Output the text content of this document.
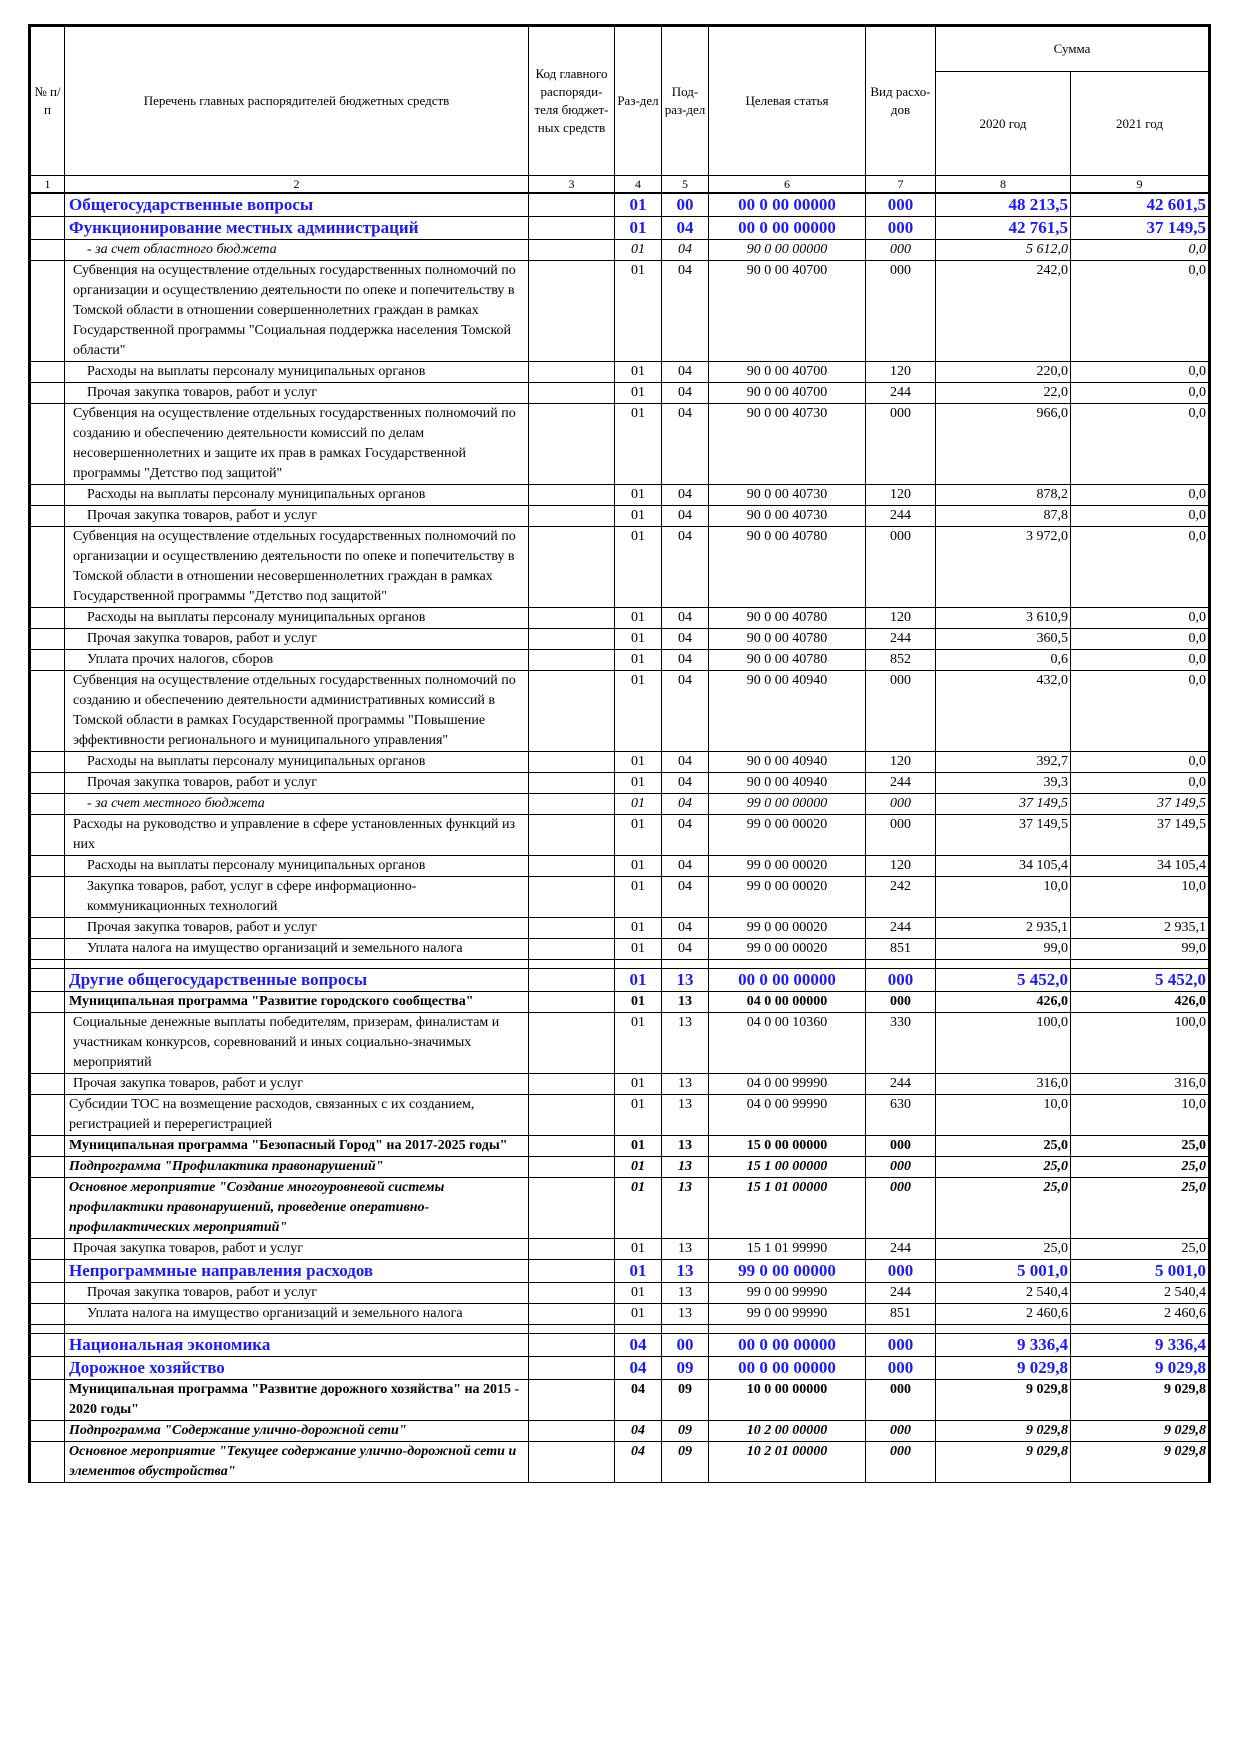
№ п/п	Перечень главных распорядителей бюджетных средств	Код главного распоряди-теля бюджет-ных средств	Раз-дел	Под-раз-дел	Целевая статья	Вид расхо-дов	Сумма	
							2020 год	2021 год
1	2	3	4	5	6	7	8	9
	Общегосударственные вопросы		01	00	00 0 00 00000	000	48 213,5	42 601,5
	Функционирование местных администраций		01	04	00 0 00 00000	000	42 761,5	37 149,5
	- за счет областного бюджета		01	04	90 0 00 00000	000	5 612,0	0,0
	Субвенция на осуществление отдельных государственных полномочий по организации и осуществлению деятельности по опеке и попечительству в Томской области в отношении совершеннолетних граждан в рамках Государственной программы "Социальная поддержка населения Томской области"		01	04	90 0 00 40700	000	242,0	0,0
	Расходы на выплаты персоналу муниципальных органов		01	04	90 0 00 40700	120	220,0	0,0
	Прочая закупка товаров, работ и услуг		01	04	90 0 00 40700	244	22,0	0,0
	Субвенция на осуществление отдельных государственных полномочий по созданию и обеспечению деятельности комиссий по делам несовершеннолетних и защите их прав в рамках Государственной программы "Детство под защитой"		01	04	90 0 00 40730	000	966,0	0,0
	Расходы на выплаты персоналу муниципальных органов		01	04	90 0 00 40730	120	878,2	0,0
	Прочая закупка товаров, работ и услуг		01	04	90 0 00 40730	244	87,8	0,0
	Субвенция на осуществление отдельных государственных полномочий по организации и осуществлению деятельности по опеке и попечительству в Томской области в отношении несовершеннолетних граждан в рамках Государственной программы "Детство под защитой"		01	04	90 0 00 40780	000	3 972,0	0,0
	Расходы на выплаты персоналу муниципальных органов		01	04	90 0 00 40780	120	3 610,9	0,0
	Прочая закупка товаров, работ и услуг		01	04	90 0 00 40780	244	360,5	0,0
	Уплата прочих налогов, сборов		01	04	90 0 00 40780	852	0,6	0,0
	Субвенция на осуществление отдельных государственных полномочий по созданию и обеспечению деятельности административных комиссий в Томской области в рамках Государственной программы "Повышение эффективности регионального и муниципального управления"		01	04	90 0 00 40940	000	432,0	0,0
	Расходы на выплаты персоналу муниципальных органов		01	04	90 0 00 40940	120	392,7	0,0
	Прочая закупка товаров, работ и услуг		01	04	90 0 00 40940	244	39,3	0,0
	- за счет местного бюджета		01	04	99 0 00 00000	000	37 149,5	37 149,5
	Расходы на руководство и управление в сфере установленных функций из них		01	04	99 0 00 00020	000	37 149,5	37 149,5
	Расходы на выплаты персоналу муниципальных органов		01	04	99 0 00 00020	120	34 105,4	34 105,4
	Закупка товаров, работ, услуг в сфере информационно-коммуникационных технологий		01	04	99 0 00 00020	242	10,0	10,0
	Прочая закупка товаров, работ и услуг		01	04	99 0 00 00020	244	2 935,1	2 935,1
	Уплата налога на имущество организаций и земельного налога		01	04	99 0 00 00020	851	99,0	99,0

	Другие общегосударственные вопросы		01	13	00 0 00 00000	000	5 452,0	5 452,0
	Муниципальная программа "Развитие городского сообщества"		01	13	04 0 00 00000	000	426,0	426,0
	Социальные денежные выплаты победителям, призерам, финалистам и участникам конкурсов, соревнований и иных социально-значимых мероприятий		01	13	04 0 00 10360	330	100,0	100,0
	Прочая закупка товаров, работ и услуг		01	13	04 0 00 99990	244	316,0	316,0
	Субсидии ТОС на возмещение расходов, связанных с их созданием, регистрацией и перерегистрацией		01	13	04 0 00 99990	630	10,0	10,0
	Муниципальная программа "Безопасный Город" на 2017-2025 годы"		01	13	15 0 00 00000	000	25,0	25,0
	Подпрограмма "Профилактика правонарушений"		01	13	15 1 00 00000	000	25,0	25,0
	Основное мероприятие "Создание многоуровневой системы профилактики правонарушений, проведение оперативно-профилактических мероприятий"		01	13	15 1 01 00000	000	25,0	25,0
	Прочая закупка товаров, работ и услуг		01	13	15 1 01 99990	244	25,0	25,0
	Непрограммные направления расходов		01	13	99 0 00 00000	000	5 001,0	5 001,0
	Прочая закупка товаров, работ и услуг		01	13	99 0 00 99990	244	2 540,4	2 540,4
	Уплата налога на имущество организаций и земельного налога		01	13	99 0 00 99990	851	2 460,6	2 460,6

	Национальная экономика		04	00	00 0 00 00000	000	9 336,4	9 336,4
	Дорожное хозяйство		04	09	00 0 00 00000	000	9 029,8	9 029,8
	Муниципальная программа "Развитие дорожного хозяйства" на 2015 - 2020 годы"		04	09	10 0 00 00000	000	9 029,8	9 029,8
	Подпрограмма "Содержание улично-дорожной сети"		04	09	10 2 00 00000	000	9 029,8	9 029,8
	Основное мероприятие "Текущее содержание улично-дорожной сети и элементов обустройства"		04	09	10 2 01 00000	000	9 029,8	9 029,8
